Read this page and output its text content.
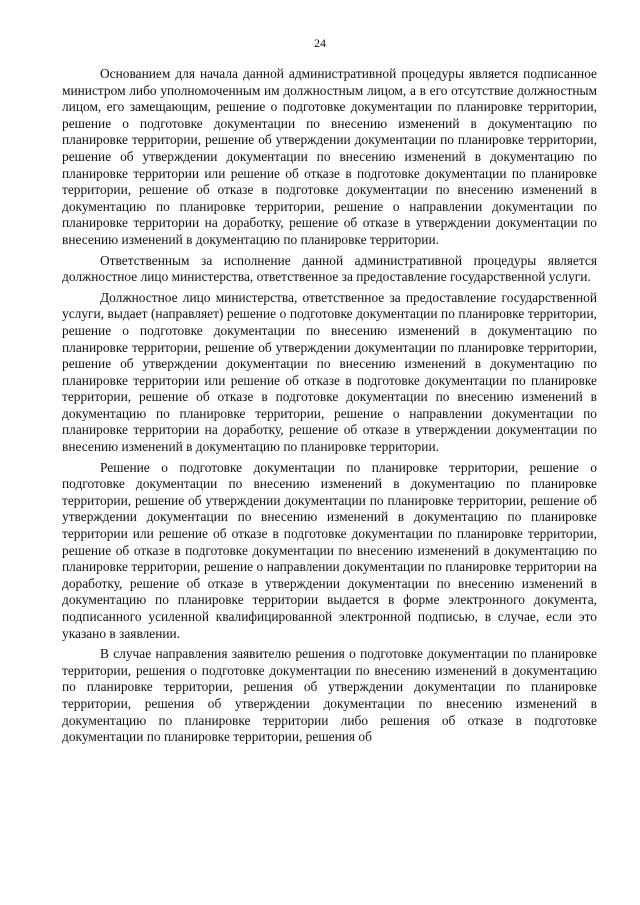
24

Основанием для начала данной административной процедуры является подписанное министром либо уполномоченным им должностным лицом, а в его отсутствие должностным лицом, его замещающим, решение о подготовке документации по планировке территории, решение о подготовке документации по внесению изменений в документацию по планировке территории, решение об утверждении документации по планировке территории, решение об утверждении документации по внесению изменений в документацию по планировке территории или решение об отказе в подготовке документации по планировке территории, решение об отказе в подготовке документации по внесению изменений в документацию по планировке территории, решение о направлении документации по планировке территории на доработку, решение об отказе в утверждении документации по внесению изменений в документацию по планировке территории.

Ответственным за исполнение данной административной процедуры является должностное лицо министерства, ответственное за предоставление государственной услуги.

Должностное лицо министерства, ответственное за предоставление государственной услуги, выдает (направляет) решение о подготовке документации по планировке территории, решение о подготовке документации по внесению изменений в документацию по планировке территории, решение об утверждении документации по планировке территории, решение об утверждении документации по внесению изменений в документацию по планировке территории или решение об отказе в подготовке документации по планировке территории, решение об отказе в подготовке документации по внесению изменений в документацию по планировке территории, решение о направлении документации по планировке территории на доработку, решение об отказе в утверждении документации по внесению изменений в документацию по планировке территории.

Решение о подготовке документации по планировке территории, решение о подготовке документации по внесению изменений в документацию по планировке территории, решение об утверждении документации по планировке территории, решение об утверждении документации по внесению изменений в документацию по планировке территории или решение об отказе в подготовке документации по планировке территории, решение об отказе в подготовке документации по внесению изменений в документацию по планировке территории, решение о направлении документации по планировке территории на доработку, решение об отказе в утверждении документации по внесению изменений в документацию по планировке территории выдается в форме электронного документа, подписанного усиленной квалифицированной электронной подписью, в случае, если это указано в заявлении.

В случае направления заявителю решения о подготовке документации по планировке территории, решения о подготовке документации по внесению изменений в документацию по планировке территории, решения об утверждении документации по планировке территории, решения об утверждении документации по внесению изменений в документацию по планировке территории либо решения об отказе в подготовке документации по планировке территории, решения об
